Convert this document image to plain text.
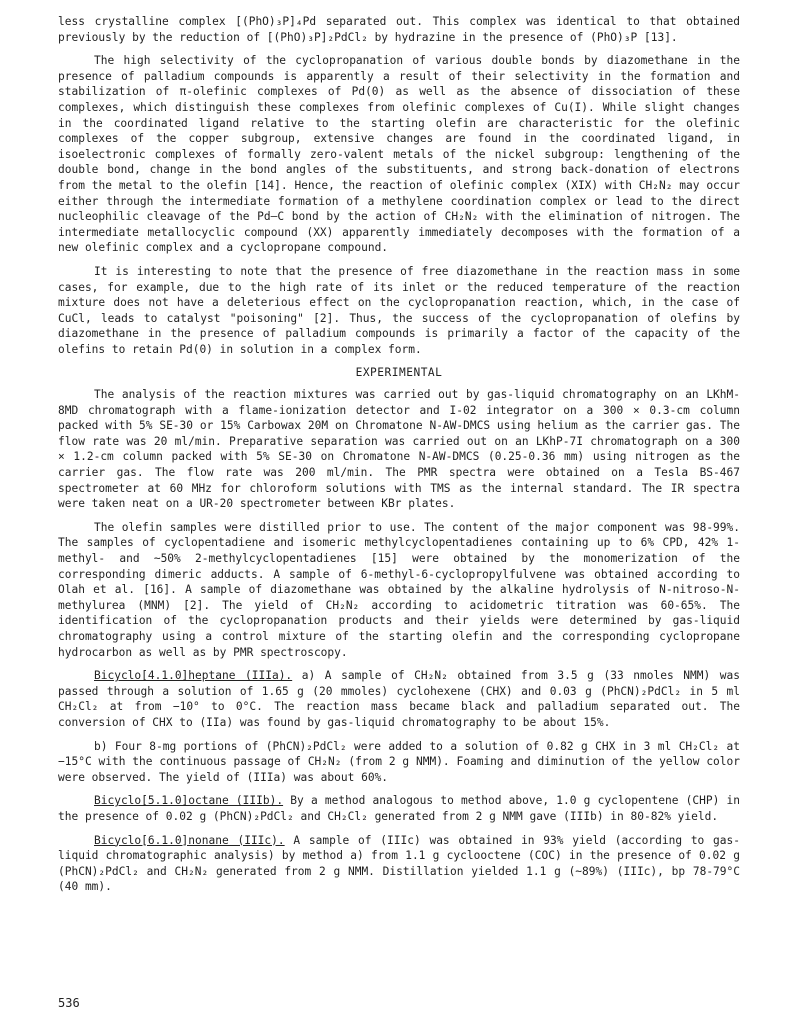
less crystalline complex [(PhO)₃P]₄Pd separated out. This complex was identical to that obtained previously by the reduction of [(PhO)₃P]₂PdCl₂ by hydrazine in the presence of (PhO)₃P [13].

The high selectivity of the cyclopropanation of various double bonds by diazomethane in the presence of palladium compounds is apparently a result of their selectivity in the formation and stabilization of π-olefinic complexes of Pd(0) as well as the absence of dissociation of these complexes, which distinguish these complexes from olefinic complexes of Cu(I). While slight changes in the coordinated ligand relative to the starting olefin are characteristic for the olefinic complexes of the copper subgroup, extensive changes are found in the coordinated ligand, in isoelectronic complexes of formally zero-valent metals of the nickel subgroup: lengthening of the double bond, change in the bond angles of the substituents, and strong back-donation of electrons from the metal to the olefin [14]. Hence, the reaction of olefinic complex (XIX) with CH₂N₂ may occur either through the intermediate formation of a methylene coordination complex or lead to the direct nucleophilic cleavage of the Pd–C bond by the action of CH₂N₂ with the elimination of nitrogen. The intermediate metallocyclic compound (XX) apparently immediately decomposes with the formation of a new olefinic complex and a cyclopropane compound.

It is interesting to note that the presence of free diazomethane in the reaction mass in some cases, for example, due to the high rate of its inlet or the reduced temperature of the reaction mixture does not have a deleterious effect on the cyclopropanation reaction, which, in the case of CuCl, leads to catalyst "poisoning" [2]. Thus, the success of the cyclopropanation of olefins by diazomethane in the presence of palladium compounds is primarily a factor of the capacity of the olefins to retain Pd(0) in solution in a complex form.

EXPERIMENTAL

The analysis of the reaction mixtures was carried out by gas-liquid chromatography on an LKhM-8MD chromatograph with a flame-ionization detector and I-02 integrator on a 300 × 0.3-cm column packed with 5% SE-30 or 15% Carbowax 20M on Chromatone N-AW-DMCS using helium as the carrier gas. The flow rate was 20 ml/min. Preparative separation was carried out on an LKhP-7I chromatograph on a 300 × 1.2-cm column packed with 5% SE-30 on Chromatone N-AW-DMCS (0.25-0.36 mm) using nitrogen as the carrier gas. The flow rate was 200 ml/min. The PMR spectra were obtained on a Tesla BS-467 spectrometer at 60 MHz for chloroform solutions with TMS as the internal standard. The IR spectra were taken neat on a UR-20 spectrometer between KBr plates.

The olefin samples were distilled prior to use. The content of the major component was 98-99%. The samples of cyclopentadiene and isomeric methylcyclopentadienes containing up to 6% CPD, 42% 1-methyl- and ~50% 2-methylcyclopentadienes [15] were obtained by the monomerization of the corresponding dimeric adducts. A sample of 6-methyl-6-cyclopropylfulvene was obtained according to Olah et al. [16]. A sample of diazomethane was obtained by the alkaline hydrolysis of N-nitroso-N-methylurea (MNM) [2]. The yield of CH₂N₂ according to acidometric titration was 60-65%. The identification of the cyclopropanation products and their yields were determined by gas-liquid chromatography using a control mixture of the starting olefin and the corresponding cyclopropane hydrocarbon as well as by PMR spectroscopy.

Bicyclo[4.1.0]heptane (IIIa). a) A sample of CH₂N₂ obtained from 3.5 g (33 nmoles NMM) was passed through a solution of 1.65 g (20 mmoles) cyclohexene (CHX) and 0.03 g (PhCN)₂PdCl₂ in 5 ml CH₂Cl₂ at from −10° to 0°C. The reaction mass became black and palladium separated out. The conversion of CHX to (IIa) was found by gas-liquid chromatography to be about 15%.

b) Four 8-mg portions of (PhCN)₂PdCl₂ were added to a solution of 0.82 g CHX in 3 ml CH₂Cl₂ at −15°C with the continuous passage of CH₂N₂ (from 2 g NMM). Foaming and diminution of the yellow color were observed. The yield of (IIIa) was about 60%.

Bicyclo[5.1.0]octane (IIIb). By a method analogous to method above, 1.0 g cyclopentene (CHP) in the presence of 0.02 g (PhCN)₂PdCl₂ and CH₂Cl₂ generated from 2 g NMM gave (IIIb) in 80-82% yield.

Bicyclo[6.1.0]nonane (IIIc). A sample of (IIIc) was obtained in 93% yield (according to gas-liquid chromatographic analysis) by method a) from 1.1 g cyclooctene (COC) in the presence of 0.02 g (PhCN)₂PdCl₂ and CH₂N₂ generated from 2 g NMM. Distillation yielded 1.1 g (~89%) (IIIc), bp 78-79°C (40 mm).

536
